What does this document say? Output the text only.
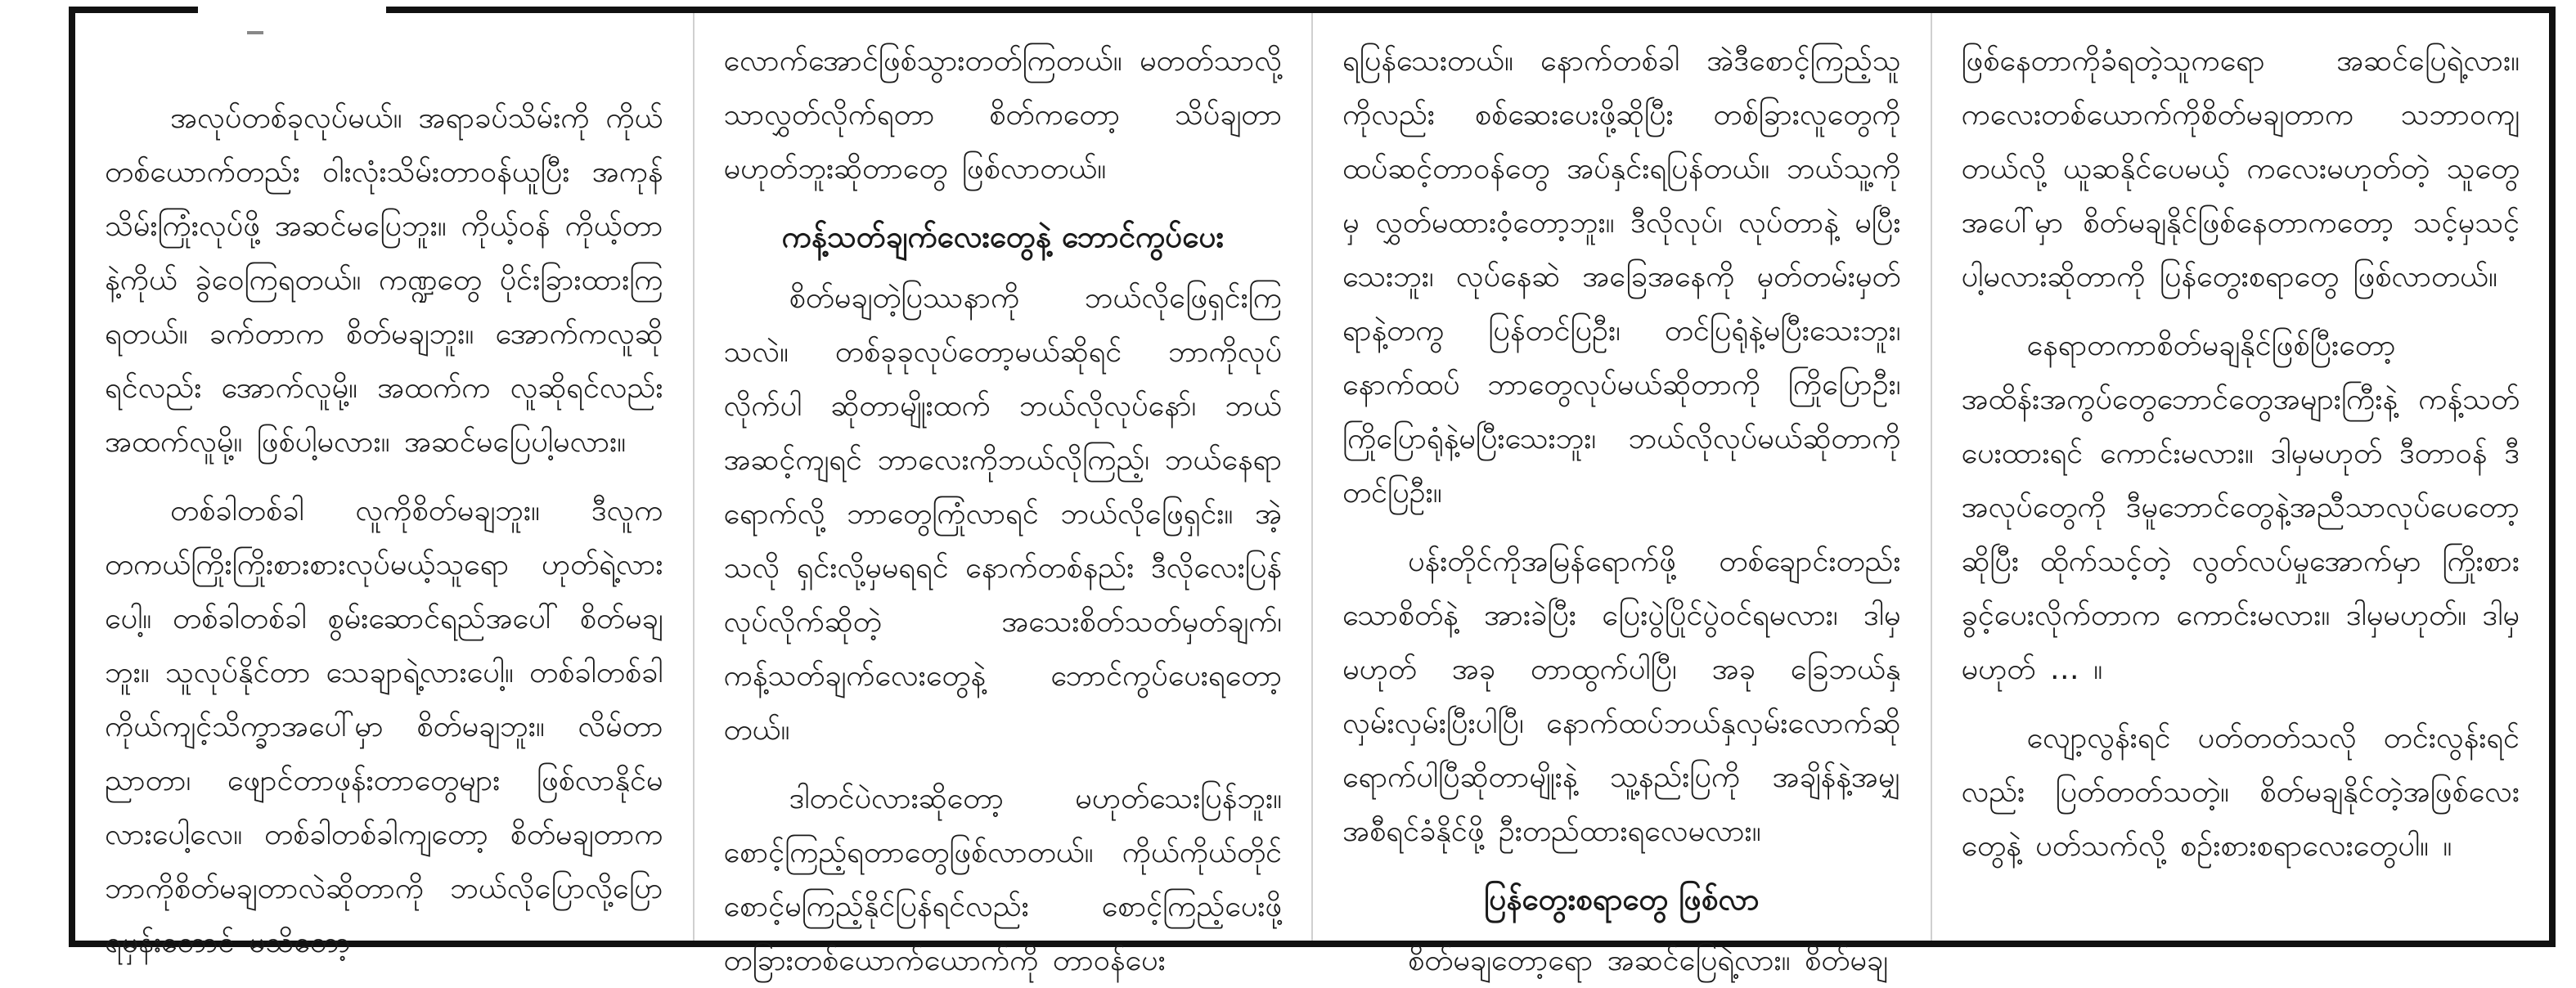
အလုပ်တစ်ခုလုပ်မယ်။ အရာခပ်သိမ်းကို ကိုယ်တစ်ယောက်တည်း ဝါးလုံးသိမ်းတာဝန်ယူပြီး အကုန်သိမ်းကြုံးလုပ်ဖို့ အဆင်မပြေဘူး။ ကိုယ့်ဝန် ကိုယ့်တာနဲ့ကိုယ် ခွဲဝေကြရတယ်။ ကဏ္ဍတွေ ပိုင်းခြားထားကြရတယ်။ ခက်တာက စိတ်မချဘူး။ အောက်ကလူဆိုရင်လည်း အောက်လူမို့။ အထက်က လူဆိုရင်လည်း အထက်လူမို့။ ဖြစ်ပါ့မလား။ အဆင်မပြေပါ့မလား။

တစ်ခါတစ်ခါ လူကိုစိတ်မချဘူး။ ဒီလူက တကယ်ကြိုးကြိုးစားစားလုပ်မယ့်သူရော ဟုတ်ရဲ့လားပေါ့။ တစ်ခါတစ်ခါ စွမ်းဆောင်ရည်အပေါ် စိတ်မချဘူး။ သူလုပ်နိုင်တာ သေချာရဲ့လားပေါ့။ တစ်ခါတစ်ခါ ကိုယ်ကျင့်သိက္ခာအပေါ်မှာ စိတ်မချဘူး။ လိမ်တာညာတာ၊ ဖျောင်တာဖုန်းတာတွေများ ဖြစ်လာနိုင်မလားပေါ့လေ။ တစ်ခါတစ်ခါကျတော့ စိတ်မချတာက ဘာကိုစိတ်မချတာလဲဆိုတာကို ဘယ်လိုပြောလို့ပြောရမှန်းတောင် မသိတော့

လောက်အောင်ဖြစ်သွားတတ်ကြတယ်။ မတတ်သာလို့သာလွှတ်လိုက်ရတာ စိတ်ကတော့ သိပ်ချတာ မဟုတ်ဘူးဆိုတာတွေ ဖြစ်လာတယ်။

ကန့်သတ်ချက်လေးတွေနဲ့ ဘောင်ကွပ်ပေး

စိတ်မချတဲ့ပြဿနာကို ဘယ်လိုဖြေရှင်းကြသလဲ။ တစ်ခုခုလုပ်တော့မယ်ဆိုရင် ဘာကိုလုပ်လိုက်ပါ ဆိုတာမျိုးထက် ဘယ်လိုလုပ်နော်၊ ဘယ်အဆင့်ကျရင် ဘာလေးကိုဘယ်လိုကြည့်၊ ဘယ်နေရာရောက်လို့ ဘာတွေကြုံလာရင် ဘယ်လိုဖြေရှင်း။ အဲ့သလို ရှင်းလို့မှမရရင် နောက်တစ်နည်း ဒီလိုလေးပြန်လုပ်လိုက်ဆိုတဲ့ အသေးစိတ်သတ်မှတ်ချက်၊ ကန့်သတ်ချက်လေးတွေနဲ့ ဘောင်ကွပ်ပေးရတော့တယ်။

ဒါတင်ပဲလားဆိုတော့ မဟုတ်သေးပြန်ဘူး။ စောင့်ကြည့်ရတာတွေဖြစ်လာတယ်။ ကိုယ်ကိုယ်တိုင် စောင့်မကြည့်နိုင်ပြန်ရင်လည်း စောင့်ကြည့်ပေးဖို့ တခြားတစ်ယောက်ယောက်ကို တာဝန်ပေး

ရပြန်သေးတယ်။ နောက်တစ်ခါ အဲဒီစောင့်ကြည့်သူကိုလည်း စစ်ဆေးပေးဖို့ဆိုပြီး တစ်ခြားလူတွေကို ထပ်ဆင့်တာဝန်တွေ အပ်နှင်းရပြန်တယ်။ ဘယ်သူ့ကိုမှ လွှတ်မထားဝံ့တော့ဘူး။ ဒီလိုလုပ်၊ လုပ်တာနဲ့ မပြီးသေးဘူး၊ လုပ်နေဆဲ အခြေအနေကို မှတ်တမ်းမှတ်ရာနဲ့တကွ ပြန်တင်ပြဦး၊ တင်ပြရုံနဲ့မပြီးသေးဘူး၊ နောက်ထပ် ဘာတွေလုပ်မယ်ဆိုတာကို ကြိုပြောဦး၊ ကြိုပြောရုံနဲ့မပြီးသေးဘူး၊ ဘယ်လိုလုပ်မယ်ဆိုတာကို တင်ပြဦး။

ပန်းတိုင်ကိုအမြန်ရောက်ဖို့ တစ်ချောင်းတည်း သောစိတ်နဲ့ အားခဲပြီး ပြေးပွဲပြိုင်ပွဲဝင်ရမလား၊ ဒါမှမဟုတ် အခု တာထွက်ပါပြီ၊ အခု ခြေဘယ်နှလှမ်းလှမ်းပြီးပါပြီ၊ နောက်ထပ်ဘယ်နှလှမ်းလောက်ဆိုရောက်ပါပြီဆိုတာမျိုးနဲ့ သူ့နည်းပြကို အချိန်နဲ့အမျှ အစီရင်ခံနိုင်ဖို့ ဦးတည်ထားရလေမလား။

ပြန်တွေးစရာတွေ ဖြစ်လာ

စိတ်မချတော့ရော အဆင်ပြေရဲ့လား။ စိတ်မချ

ဖြစ်နေတာကိုခံရတဲ့သူကရော အဆင်ပြေရဲ့လား။ ကလေးတစ်ယောက်ကိုစိတ်မချတာက သဘာဝကျတယ်လို့ ယူဆနိုင်ပေမယ့် ကလေးမဟုတ်တဲ့ သူတွေအပေါ်မှာ စိတ်မချနိုင်ဖြစ်နေတာကတော့ သင့်မှသင့်ပါ့မလားဆိုတာကို ပြန်တွေးစရာတွေ ဖြစ်လာတယ်။

နေရာတကာစိတ်မချနိုင်ဖြစ်ပြီးတော့ အထိန်းအကွပ်တွေဘောင်တွေအများကြီးနဲ့ ကန့်သတ်ပေးထားရင် ကောင်းမလား။ ဒါမှမဟုတ် ဒီတာဝန် ဒီအလုပ်တွေကို ဒီမူဘောင်တွေနဲ့အညီသာလုပ်ပေတော့ဆိုပြီး ထိုက်သင့်တဲ့ လွတ်လပ်မှုအောက်မှာ ကြိုးစားခွင့်ပေးလိုက်တာက ကောင်းမလား။ ဒါမှမဟုတ်။ ဒါမှမဟုတ် … ။

လျော့လွန်းရင် ပတ်တတ်သလို တင်းလွန်းရင်လည်း ပြတ်တတ်သတဲ့။ စိတ်မချနိုင်တဲ့အဖြစ်လေးတွေနဲ့ ပတ်သက်လို့ စဉ်းစားစရာလေးတွေပါ။ ။
